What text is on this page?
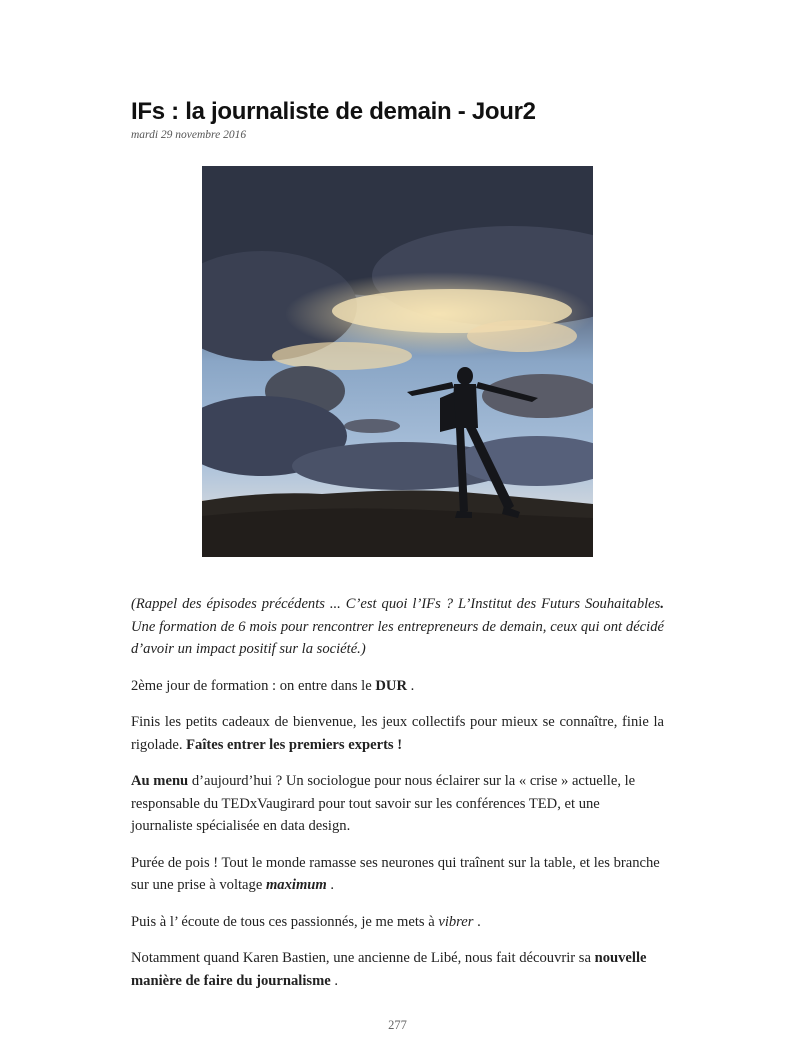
IFs : la journaliste de demain - Jour2
mardi 29 novembre 2016

(Rappel des épisodes précédents ... C’est quoi l’IFs ? L’Institut des Futurs Souhaitables. Une formation de 6 mois pour rencontrer les entrepreneurs de demain, ceux qui ont décidé d’avoir un impact positif sur la société.)

2ème jour de formation : on entre dans le DUR .

Finis les petits cadeaux de bienvenue, les jeux collectifs pour mieux se connaître, finie la rigolade. Faîtes entrer les premiers experts !

Au menu d’aujourd’hui ? Un sociologue pour nous éclairer sur la « crise » actuelle, le responsable du TEDxVaugirard pour tout savoir sur les conférences TED, et une journaliste spécialisée en data design.

Purée de pois ! Tout le monde ramasse ses neurones qui traînent sur la table, et les branche sur une prise à voltage maximum .

Puis à l’ écoute de tous ces passionnés, je me mets à vibrer .

Notamment quand Karen Bastien, une ancienne de Libé, nous fait découvrir sa nouvelle manière de faire du journalisme .

277
